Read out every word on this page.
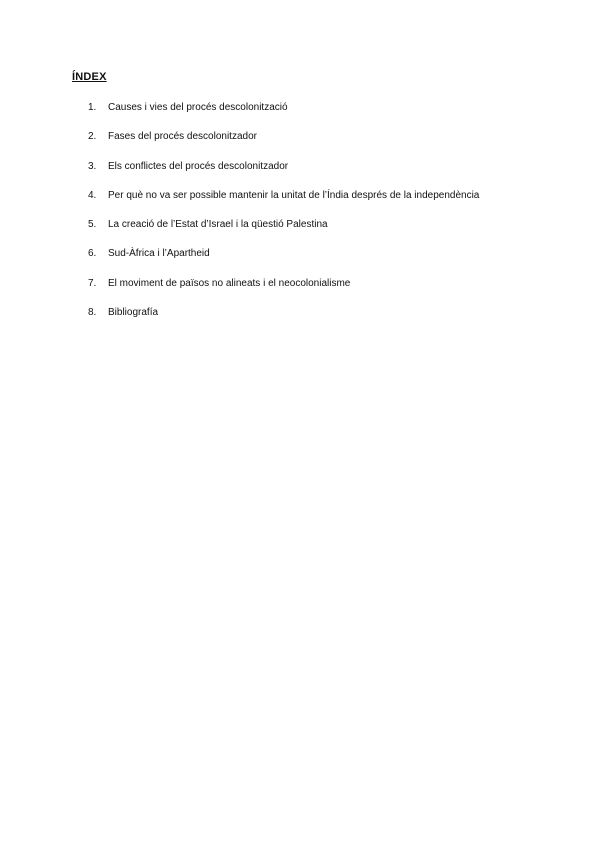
ÍNDEX
1.	Causes i vies del procés descolonització
2.	Fases del procés descolonitzador
3.	Els conflictes del procés descolonitzador
4.	Per què no va ser possible mantenir la unitat de l’Índia després de la independència
5.	La creació de l’Estat d’Israel i la qüestió Palestina
6.	Sud-Àfrica i l’Apartheid
7.	El moviment de països no alineats i el neocolonialisme
8.	Bibliografía
